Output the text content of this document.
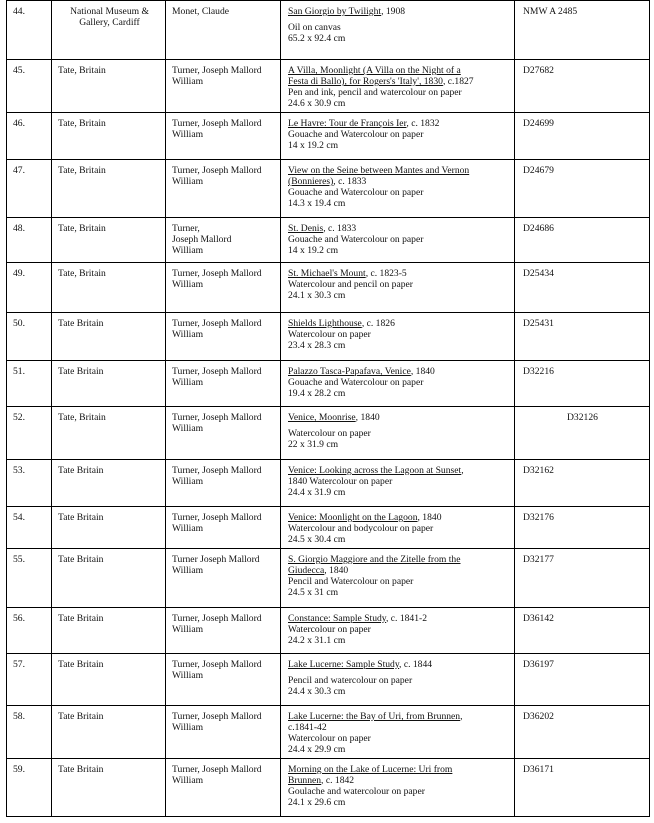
44.	National Museum &
Gallery, Cardiff	Monet, Claude	San Giorgio by Twilight, 1908
Oil on canvas
65.2 x 92.4 cm	NMW A 2485
45.	Tate, Britain	Turner, Joseph Mallord William	A Villa, Moonlight (A Villa on the Night of a
Festa di Ballo), for Rogers's 'Italy', 1830, c.1827
Pen and ink, pencil and watercolour on paper
24.6 x 30.9 cm	D27682
46.	Tate, Britain	Turner, Joseph Mallord William	Le Havre: Tour de François Ier, c. 1832
Gouache and Watercolour on paper
14 x 19.2 cm	D24699
47.	Tate, Britain	Turner, Joseph Mallord William	View on the Seine between Mantes and Vernon
(Bonnieres), c. 1833
Gouache and Watercolour on paper
14.3 x 19.4 cm	D24679
48.	Tate, Britain	Turner,
Joseph Mallord
William	St. Denis, c. 1833
Gouache and Watercolour on paper
14 x 19.2 cm	D24686
49.	Tate, Britain	Turner, Joseph Mallord William	St. Michael's Mount, c. 1823-5
Watercolour and pencil on paper
24.1 x 30.3 cm	D25434
50.	Tate Britain	Turner, Joseph Mallord William	Shields Lighthouse, c. 1826
Watercolour on paper
23.4 x 28.3 cm	D25431
51.	Tate Britain	Turner, Joseph Mallord William	Palazzo Tasca-Papafava, Venice, 1840
Gouache and Watercolour on paper
19.4 x 28.2 cm	D32216
52.	Tate, Britain	Turner, Joseph Mallord William	Venice, Moonrise, 1840
Watercolour on paper
22 x 31.9 cm	D32126

53.	Tate Britain	Turner, Joseph Mallord William	Venice: Looking across the Lagoon at Sunset,
1840 Watercolour on paper
24.4 x 31.9 cm	D32162
54.	Tate Britain	Turner, Joseph Mallord William	Venice: Moonlight on the Lagoon, 1840
Watercolour and bodycolour on paper
24.5 x 30.4 cm	D32176
55.	Tate Britain	Turner Joseph Mallord William	S. Giorgio Maggiore and the Zitelle from the
Giudecca, 1840
Pencil and Watercolour on paper
24.5 x 31 cm	D32177
56.	Tate Britain	Turner, Joseph Mallord William	Constance: Sample Study, c. 1841-2
Watercolour on paper
24.2 x 31.1 cm	D36142
57.	Tate Britain	Turner, Joseph Mallord William	Lake Lucerne: Sample Study, c. 1844
Pencil and watercolour on paper
24.4 x 30.3 cm	D36197
58.	Tate Britain	Turner, Joseph Mallord William	Lake Lucerne: the Bay of Uri, from Brunnen,
c.1841-42
Watercolour on paper
24.4 x 29.9 cm	D36202
59.	Tate Britain	Turner, Joseph Mallord William	Morning on the Lake of Lucerne: Uri from
Brunnen, c. 1842
Goulache and watercolour on paper
24.1 x 29.6 cm	D36171
